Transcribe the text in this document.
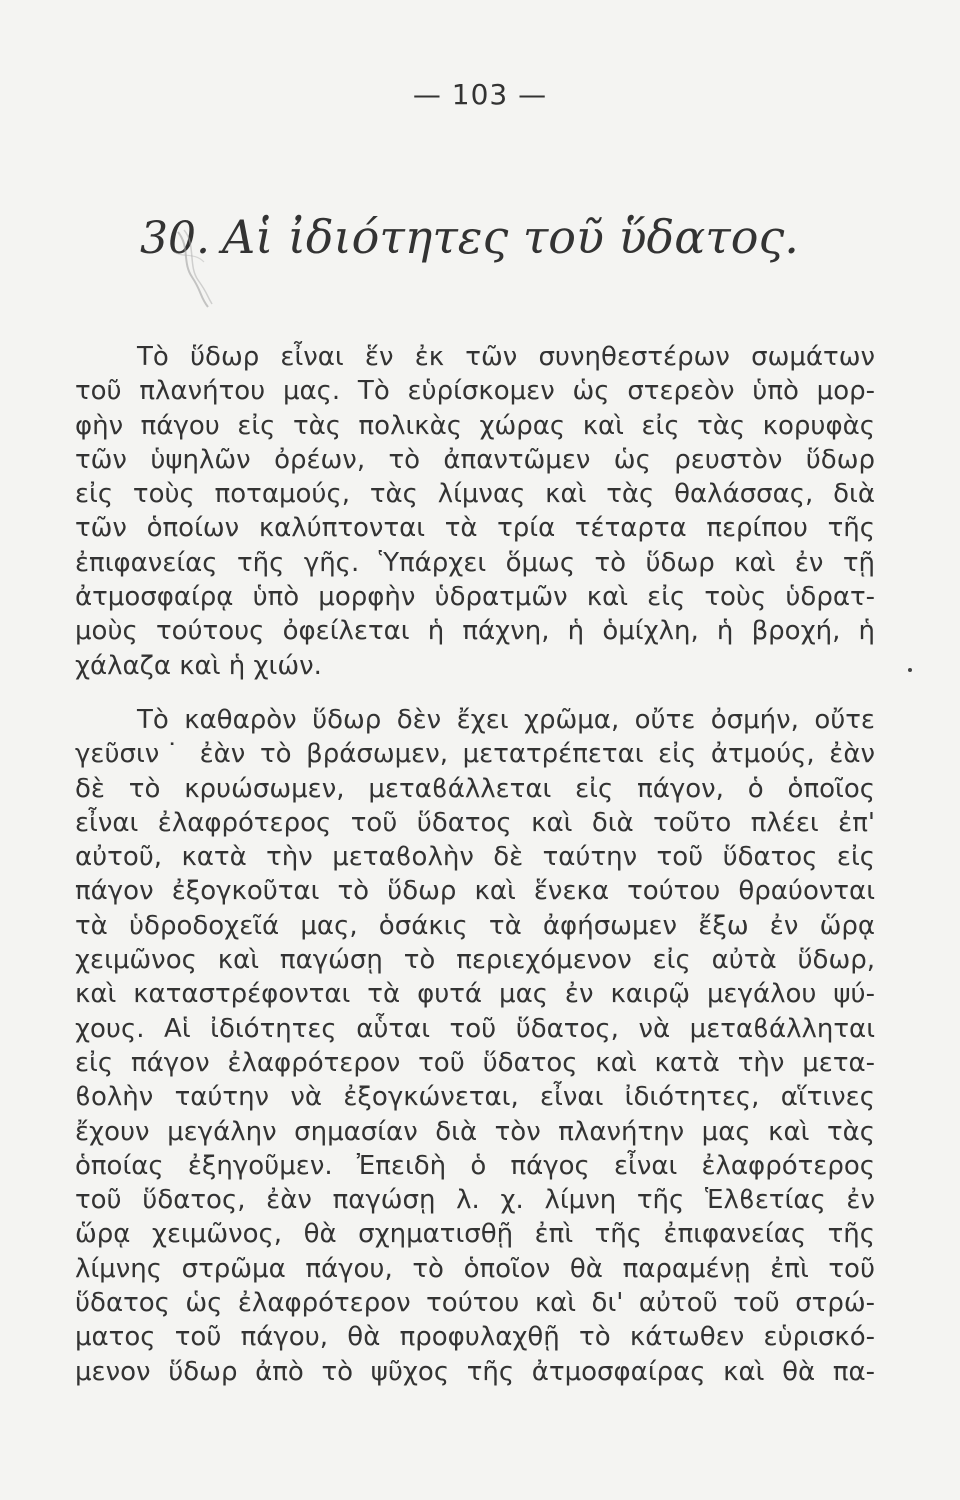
— 103 —
30. Αἱ ἰδιότητες τοῦ ὕδατος.
Τὸ ὕδωρ εἶναι ἕν ἐκ τῶν συνηθεστέρων σωμάτων
τοῦ πλανήτου μας. Τὸ εὑρίσκομεν ὡς στερεὸν ὑπὸ μορ-
φὴν πάγου εἰς τὰς πολικὰς χώρας καὶ εἰς τὰς κορυφὰς
τῶν ὑψηλῶν ὀρέων, τὸ ἀπαντῶμεν ὡς ρευστὸν ὕδωρ
εἰς τοὺς ποταμούς, τὰς λίμνας καὶ τὰς θαλάσσας, διὰ
τῶν ὁποίων καλύπτονται τὰ τρία τέταρτα περίπου τῆς
ἐπιφανείας τῆς γῆς. Ὑπάρχει ὅμως τὸ ὕδωρ καὶ ἐν τῇ
ἀτμοσφαίρᾳ ὑπὸ μορφὴν ὑδρατμῶν καὶ εἰς τοὺς ὑδρατ-
μοὺς τούτους ὀφείλεται ἡ πάχνη, ἡ ὁμίχλη, ἡ βροχή, ἡ
χάλαζα καὶ ἡ χιών.
Τὸ καθαρὸν ὕδωρ δὲν ἔχει χρῶμα, οὔτε ὀσμήν, οὔτε
γεῦσιν˙ ἐὰν τὸ βράσωμεν, μετατρέπεται εἰς ἀτμούς, ἐὰν
δὲ τὸ κρυώσωμεν, μεταϐάλλεται εἰς πάγον, ὁ ὁποῖος
εἶναι ἐλαφρότερος τοῦ ὕδατος καὶ διὰ τοῦτο πλέει ἐπ'
αὐτοῦ, κατὰ τὴν μεταϐολὴν δὲ ταύτην τοῦ ὕδατος εἰς
πάγον ἐξογκοῦται τὸ ὕδωρ καὶ ἕνεκα τούτου θραύονται
τὰ ὑδροδοχεῖά μας, ὁσάκις τὰ ἀφήσωμεν ἔξω ἐν ὥρᾳ
χειμῶνος καὶ παγώσῃ τὸ περιεχόμενον εἰς αὐτὰ ὕδωρ,
καὶ καταστρέφονται τὰ φυτά μας ἐν καιρῷ μεγάλου ψύ-
χους. Αἱ ἰδιότητες αὗται τοῦ ὕδατος, νὰ μεταϐάλληται
εἰς πάγον ἐλαφρότερον τοῦ ὕδατος καὶ κατὰ τὴν μετα-
ϐολὴν ταύτην νὰ ἐξογκώνεται, εἶναι ἰδιότητες, αἵτινες
ἔχουν μεγάλην σημασίαν διὰ τὸν πλανήτην μας καὶ τὰς
ὁποίας ἐξηγοῦμεν. Ἐπειδὴ ὁ πάγος εἶναι ἐλαφρότερος
τοῦ ὕδατος, ἐὰν παγώσῃ λ. χ. λίμνη τῆς Ἑλϐετίας ἐν
ὥρᾳ χειμῶνος, θὰ σχηματισθῇ ἐπὶ τῆς ἐπιφανείας τῆς
λίμνης στρῶμα πάγου, τὸ ὁποῖον θὰ παραμένῃ ἐπὶ τοῦ
ὕδατος ὡς ἐλαφρότερον τούτου καὶ δι' αὐτοῦ τοῦ στρώ-
ματος τοῦ πάγου, θὰ προφυλαχθῇ τὸ κάτωθεν εὑρισκό-
μενον ὕδωρ ἀπὸ τὸ ψῦχος τῆς ἀτμοσφαίρας καὶ θὰ πα-
